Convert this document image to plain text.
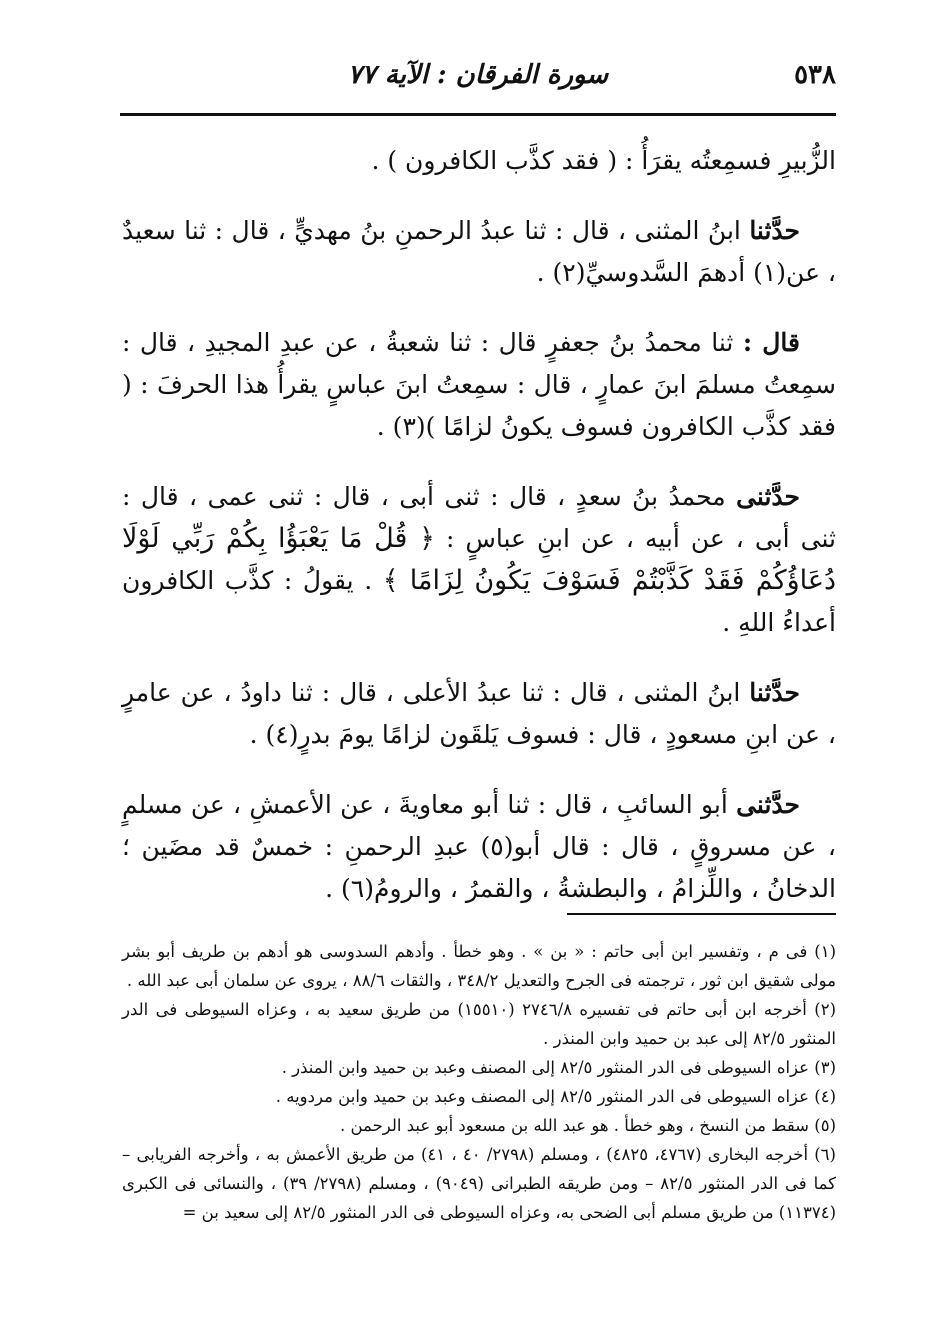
٥٣٨
سورة الفرقان : الآية ٧٧

الزُّبيرِ فسمِعتُه يقرَأُ : ( فقد كذَّب الكافرون ) .

حدَّثنا ابنُ المثنى ، قال : ثنا عبدُ الرحمنِ بنُ مهديٍّ ، قال : ثنا سعيدٌ ، عن(١) أدهمَ السَّدوسيِّ(٢) .

قال : ثنا محمدُ بنُ جعفرٍ قال : ثنا شعبةُ ، عن عبدِ المجيدِ ، قال : سمِعتُ مسلمَ ابنَ عمارٍ ، قال : سمِعتُ ابنَ عباسٍ يقرأُ هذا الحرفَ : ( فقد كذَّب الكافرون فسوف يكونُ لزامًا )(٣) .

حدَّثنى محمدُ بنُ سعدٍ ، قال : ثنى أبى ، قال : ثنى عمى ، قال : ثنى أبى ، عن أبيه ، عن ابنِ عباسٍ : ﴿ قُلْ مَا يَعْبَؤُا بِكُمْ رَبِّي لَوْلَا دُعَاؤُكُمْ فَقَدْ كَذَّبْتُمْ فَسَوْفَ يَكُونُ لِزَامًا ﴾ . يقولُ : كذَّب الكافرون أعداءُ اللهِ .

حدَّثنا ابنُ المثنى ، قال : ثنا عبدُ الأعلى ، قال : ثنا داودُ ، عن عامرٍ ، عن ابنِ مسعودٍ ، قال : فسوف يَلقَون لزامًا يومَ بدرٍ(٤) .

حدَّثنى أبو السائبِ ، قال : ثنا أبو معاويةَ ، عن الأعمشِ ، عن مسلمٍ ، عن مسروقٍ ، قال : قال أبو(٥) عبدِ الرحمنِ : خمسٌ قد مضَين ؛ الدخانُ ، واللِّزامُ ، والبطشةُ ، والقمرُ ، والرومُ(٦) .

(١) فى م ، وتفسير ابن أبى حاتم : « بن » . وهو خطأ . وأدهم السدوسى هو أدهم بن طريف أبو بشر مولى شقيق ابن ثور ، ترجمته فى الجرح والتعديل ٣٤٨/٢ ، والثقات ٨٨/٦ ، يروى عن سلمان أبى عبد الله .

(٢) أخرجه ابن أبى حاتم فى تفسيره ٢٧٤٦/٨ (١٥٥١٠) من طريق سعيد به ، وعزاه السيوطى فى الدر المنثور ٨٢/٥ إلى عبد بن حميد وابن المنذر .

(٣) عزاه السيوطى فى الدر المنثور ٨٢/٥ إلى المصنف وعبد بن حميد وابن المنذر .

(٤) عزاه السيوطى فى الدر المنثور ٨٢/٥ إلى المصنف وعبد بن حميد وابن مردويه .

(٥) سقط من النسخ ، وهو خطأ . هو عبد الله بن مسعود أبو عبد الرحمن .

(٦) أخرجه البخارى (٤٧٦٧، ٤٨٢٥) ، ومسلم (٢٧٩٨/ ٤٠ ، ٤١) من طريق الأعمش به ، وأخرجه الفريابى – كما فى الدر المنثور ٨٢/٥ – ومن طريقه الطبرانى (٩٠٤٩) ، ومسلم (٢٧٩٨/ ٣٩) ، والنسائى فى الكبرى (١١٣٧٤) من طريق مسلم أبى الضحى به، وعزاه السيوطى فى الدر المنثور ٨٢/٥ إلى سعيد بن =
